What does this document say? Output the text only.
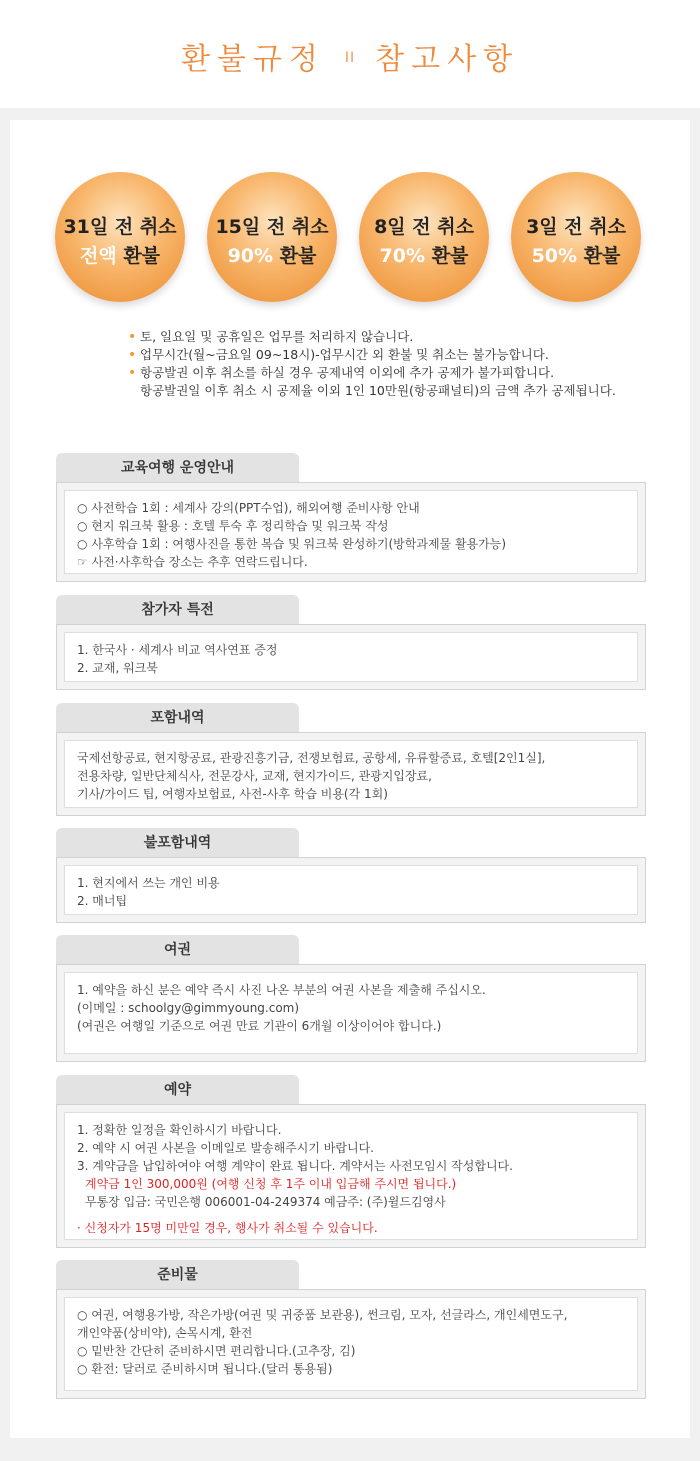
환불규정 II 참고사항
31일 전 취소
전액 환불
15일 전 취소
90% 환불
8일 전 취소
70% 환불
3일 전 취소
50% 환불
• 토, 일요일 및 공휴일은 업무를 처리하지 않습니다.
• 업무시간(월~금요일 09~18시)-업무시간 외 환불 및 취소는 불가능합니다.
• 항공발권 이후 취소를 하실 경우 공제내역 이외에 추가 공제가 불가피합니다.
항공발권일 이후 취소 시 공제율 이외 1인 10만원(항공패널티)의 금액 추가 공제됩니다.
교육여행 운영안내
○ 사전학습 1회 : 세계사 강의(PPT수업), 해외여행 준비사항 안내
○ 현지 워크북 활용 : 호텔 투숙 후 정리학습 및 워크북 작성
○ 사후학습 1회 : 여행사진을 통한 복습 및 워크북 완성하기(방학과제물 활용가능)
☞ 사전·사후학습 장소는 추후 연락드립니다.
참가자 특전
1. 한국사 · 세계사 비교 역사연표 증정
2. 교재, 워크북
포함내역
국제선항공료, 현지항공료, 관광진흥기금, 전쟁보험료, 공항세, 유류할증료, 호텔[2인1실],
전용차량, 일반단체식사, 전문강사, 교재, 현지가이드, 관광지입장료,
기사/가이드 팁, 여행자보험료, 사전-사후 학습 비용(각 1회)
불포함내역
1. 현지에서 쓰는 개인 비용
2. 매너팁
여권
1. 예약을 하신 분은 예약 즉시 사진 나온 부분의 여권 사본을 제출해 주십시오.
(이메일 : schoolgy@gimmyoung.com)
(여권은 여행일 기준으로 여권 만료 기관이 6개월 이상이어야 합니다.)
예약
1. 정확한 일정을 확인하시기 바랍니다.
2. 예약 시 여권 사본을 이메일로 발송해주시기 바랍니다.
3. 계약금을 납입하여야 여행 계약이 완료 됩니다. 계약서는 사전모임시 작성합니다.
계약금 1인 300,000원 (여행 신청 후 1주 이내 입금해 주시면 됩니다.)
무통장 입금: 국민은행 006001-04-249374 예금주: (주)윌드김영사
· 신청자가 15명 미만일 경우, 행사가 취소될 수 있습니다.
준비물
○ 여권, 여행용가방, 작은가방(여권 및 귀중품 보관용), 썬크림, 모자, 선글라스, 개인세면도구,
개인약품(상비약), 손목시계, 환전
○ 밑반찬 간단히 준비하시면 편리합니다.(고추장, 김)
○ 환전: 달러로 준비하시며 됩니다.(달러 통용됨)
